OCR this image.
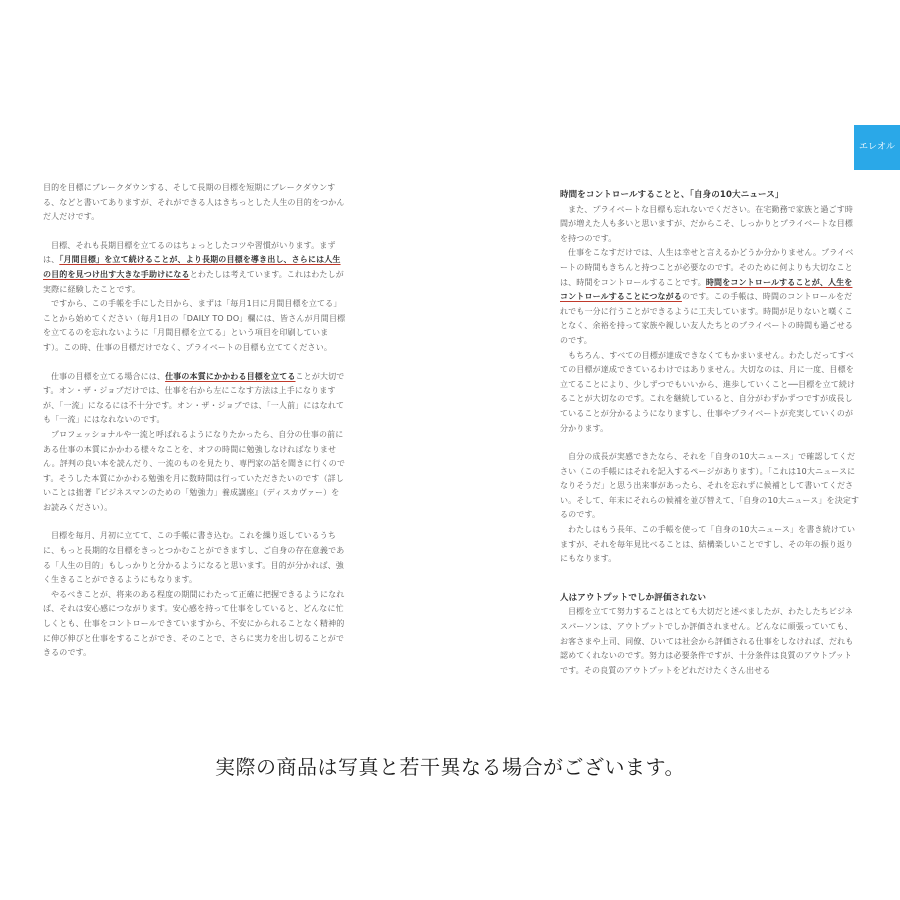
エレオル

目的を目標にブレークダウンする、そして長期の目標を短期にブレークダウンする、などと書いてありますが、それができる人はきちっとした人生の目的をつかんだ人だけです。

目標、それも長期目標を立てるのはちょっとしたコツや習慣がいります。まずは、「月間目標」を立て続けることが、より長期の目標を導き出し、さらには人生の目的を見つけ出す大きな手助けになるとわたしは考えています。これはわたしが実際に経験したことです。

ですから、この手帳を手にした日から、まずは「毎月1日に月間目標を立てる」ことから始めてください（毎月1日の「DAILY TO DO」欄には、皆さんが月間目標を立てるのを忘れないように「月間目標を立てる」という項目を印刷しています）。この時、仕事の目標だけでなく、プライベートの目標も立ててください。

仕事の目標を立てる場合には、仕事の本質にかかわる目標を立てることが大切です。オン・ザ・ジョブだけでは、仕事を右から左にこなす方法は上手になりますが、「一流」になるには不十分です。オン・ザ・ジョブでは、「一人前」にはなれても「一流」にはなれないのです。

プロフェッショナルや一流と呼ばれるようになりたかったら、自分の仕事の前にある仕事の本質にかかわる様々なことを、オフの時間に勉強しなければなりません。評判の良い本を読んだり、一流のものを見たり、専門家の話を聞きに行くのです。そうした本質にかかわる勉強を月に数時間は行っていただきたいのです（詳しいことは拙著『ビジネスマンのための「勉強力」養成講座』（ディスカヴァー）をお読みください）。

目標を毎月、月初に立てて、この手帳に書き込む。これを繰り返しているうちに、もっと長期的な目標をきっとつかむことができますし、ご自身の存在意義である「人生の目的」もしっかりと分かるようになると思います。目的が分かれば、強く生きることができるようにもなります。

やるべきことが、将来のある程度の期間にわたって正確に把握できるようになれば、それは安心感につながります。安心感を持って仕事をしていると、どんなに忙しくとも、仕事をコントロールできていますから、不安にかられることなく精神的に伸び伸びと仕事をすることができ、そのことで、さらに実力を出し切ることができるのです。

時間をコントロールすることと、「自身の10大ニュース」

また、プライベートな目標も忘れないでください。在宅勤務で家族と過ごす時間が増えた人も多いと思いますが、だからこそ、しっかりとプライベートな目標を持つのです。

仕事をこなすだけでは、人生は幸せと言えるかどうか分かりません。プライベートの時間もきちんと持つことが必要なのです。そのために何よりも大切なことは、時間をコントロールすることです。時間をコントロールすることが、人生をコントロールすることにつながるのです。この手帳は、時間のコントロールをだれでも一分に行うことができるように工夫しています。時間が足りないと嘆くことなく、余裕を持って家族や親しい友人たちとのプライベートの時間も過ごせるのです。

もちろん、すべての目標が達成できなくてもかまいません。わたしだってすべての目標が達成できているわけではありません。大切なのは、月に一度、目標を立てることにより、少しずつでもいいから、進歩していくこと──目標を立て続けることが大切なのです。これを継続していると、自分がわずかずつですが成長していることが分かるようになりますし、仕事やプライベートが充実していくのが分かります。

自分の成長が実感できたなら、それを「自身の10大ニュース」で確認してください（この手帳にはそれを記入するページがあります）。「これは10大ニュースになりそうだ」と思う出来事があったら、それを忘れずに候補として書いてください。そして、年末にそれらの候補を並び替えて、「自身の10大ニュース」を決定するのです。

わたしはもう長年、この手帳を使って「自身の10大ニュース」を書き続けていますが、それを毎年見比べることは、結構楽しいことですし、その年の振り返りにもなります。

人はアウトプットでしか評価されない

目標を立てて努力することはとても大切だと述べましたが、わたしたちビジネスパーソンは、アウトプットでしか評価されません。どんなに頑張っていても、お客さまや上司、同僚、ひいては社会から評価される仕事をしなければ、だれも認めてくれないのです。努力は必要条件ですが、十分条件は良質のアウトプットです。その良質のアウトプットをどれだけたくさん出せる

実際の商品は写真と若干異なる場合がございます。
